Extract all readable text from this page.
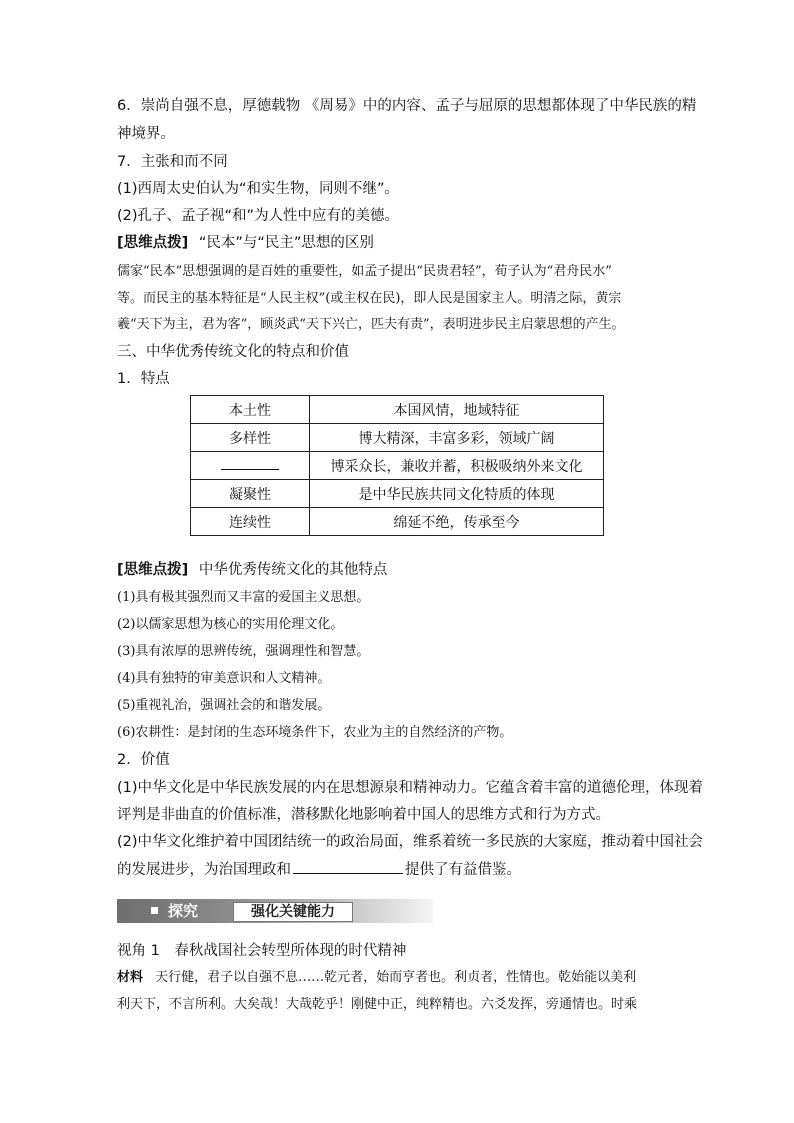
6．崇尚自强不息，厚德载物 《周易》中的内容、孟子与屈原的思想都体现了中华民族的精
神境界。
7．主张和而不同
(1)西周太史伯认为“和实生物，同则不继”。
(2)孔子、孟子视“和”为人性中应有的美德。
[思维点拨] “民本”与“民主”思想的区别
儒家“民本”思想强调的是百姓的重要性，如孟子提出“民贵君轻”，荀子认为“君舟民水”
等。而民主的基本特征是“人民主权”(或主权在民)，即人民是国家主人。明清之际，黄宗
羲“天下为主，君为客”，顾炎武“天下兴亡，匹夫有责”，表明进步民主启蒙思想的产生。
三、中华优秀传统文化的特点和价值
1．特点
本土性	本国风情，地域特征
多样性	博大精深，丰富多彩，领域广阔
	博采众长，兼收并蓄，积极吸纳外来文化
凝聚性	是中华民族共同文化特质的体现
连续性	绵延不绝，传承至今
[思维点拨] 中华优秀传统文化的其他特点
(1)具有极其强烈而又丰富的爱国主义思想。
(2)以儒家思想为核心的实用伦理文化。
(3)具有浓厚的思辨传统，强调理性和智慧。
(4)具有独特的审美意识和人文精神。
(5)重视礼治，强调社会的和谐发展。
(6)农耕性：是封闭的生态环境条件下，农业为主的自然经济的产物。
2．价值
(1)中华文化是中华民族发展的内在思想源泉和精神动力。它蕴含着丰富的道德伦理，体现着
评判是非曲直的价值标准，潜移默化地影响着中国人的思维方式和行为方式。
(2)中华文化维护着中国团结统一的政治局面，维系着统一多民族的大家庭，推动着中国社会
的发展进步，为治国理政和	提供了有益借鉴。
探究	强化关键能力
视角 1　春秋战国社会转型所体现的时代精神
材料 天行健，君子以自强不息……乾元者，始而亨者也。利贞者，性情也。乾始能以美利
利天下，不言所利。大矣哉！大哉乾乎！刚健中正，纯粹精也。六爻发挥，旁通情也。时乘
